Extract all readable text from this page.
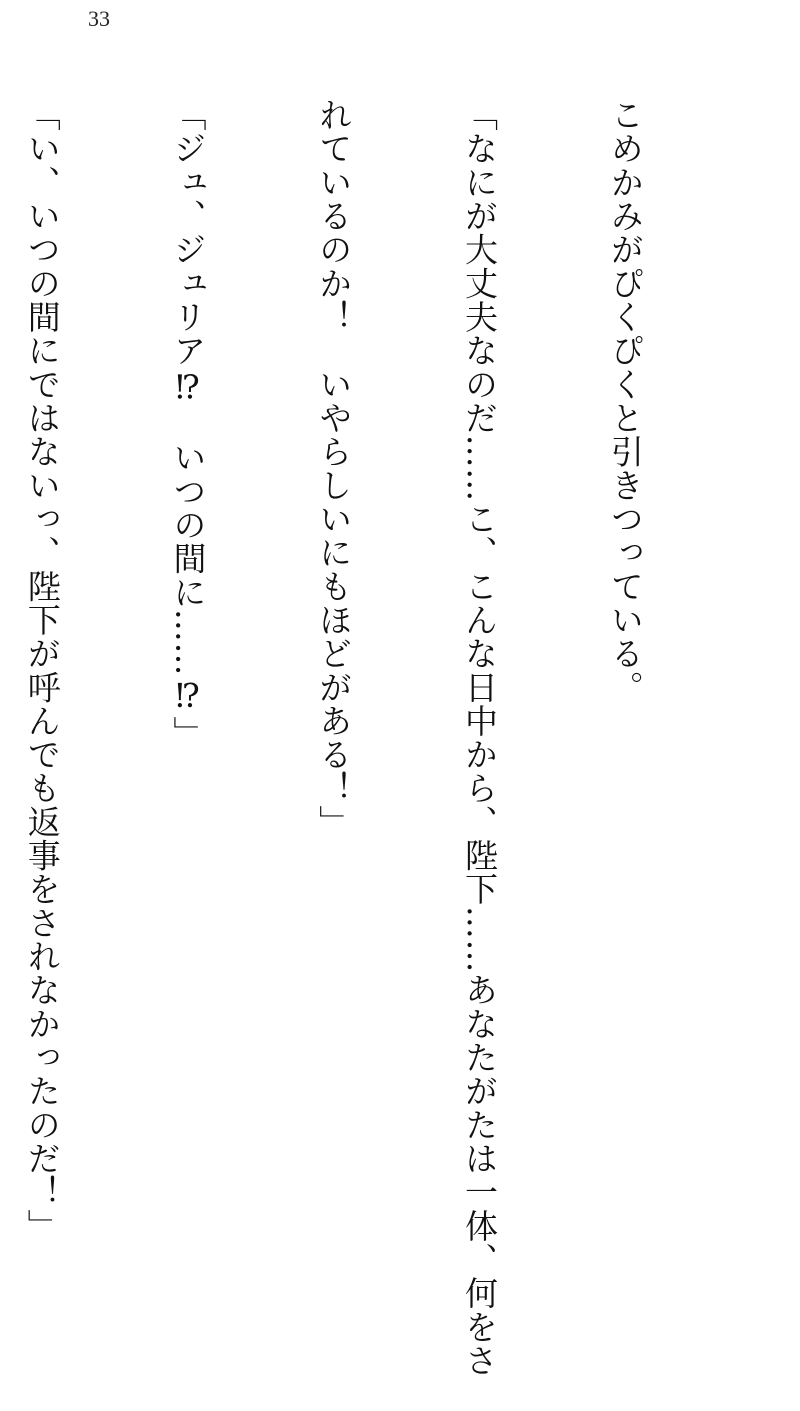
33

こめかみがぴくぴくと引きつっている。

「なにが大丈夫なのだ……こ、こんな日中から、陛下……あなたがたは一体、何をさ

れているのか！　いやらしいにもほどがある！」

「ジュ、ジュリア⁉　いつの間に……⁉」

「い、いつの間にではないっ、陛下が呼んでも返事をされなかったのだ！」
